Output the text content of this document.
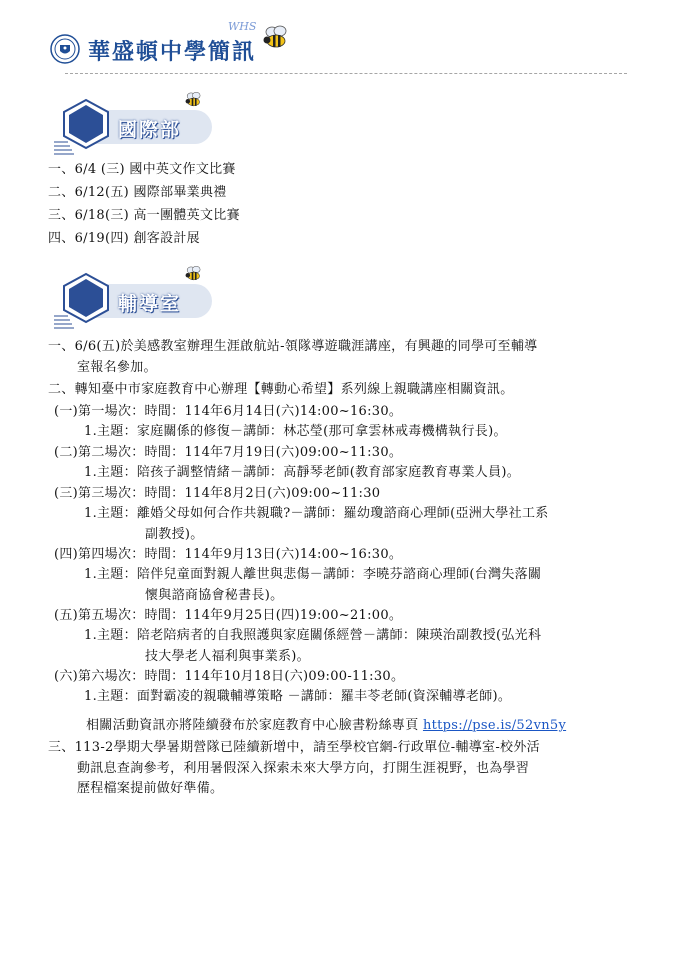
華盛頓中學簡訊
WHS
國際部
一、6/4 (三) 國中英文作文比賽
二、6/12(五) 國際部畢業典禮
三、6/18(三) 高一團體英文比賽
四、6/19(四) 創客設計展
輔導室
一、6/6(五)於美感教室辦理生涯啟航站-領隊導遊職涯講座，有興趣的同學可至輔導
室報名參加。
二、轉知臺中市家庭教育中心辦理【轉動心希望】系列線上親職講座相關資訊。
(一)第一場次：時間：114年6月14日(六)14:00~16:30。
1.主題：家庭關係的修復－講師：林芯瑩(那可拿雲林戒毒機構執行長)。
(二)第二場次：時間：114年7月19日(六)09:00~11:30。
1.主題：陪孩子調整情緒－講師：高靜琴老師(教育部家庭教育專業人員)。
(三)第三場次：時間：114年8月2日(六)09:00~11:30
1.主題：離婚父母如何合作共親職?－講師：羅幼瓊諮商心理師(亞洲大學社工系
副教授)。
(四)第四場次：時間：114年9月13日(六)14:00~16:30。
1.主題：陪伴兒童面對親人離世與悲傷－講師：李曉芬諮商心理師(台灣失落關
懷與諮商協會秘書長)。
(五)第五場次：時間：114年9月25日(四)19:00~21:00。
1.主題：陪老陪病者的自我照護與家庭關係經營－講師：陳瑛治副教授(弘光科
技大學老人福利與事業系)。
(六)第六場次：時間：114年10月18日(六)09:00-11:30。
1.主題：面對霸凌的親職輔導策略 －講師：羅丰苓老師(資深輔導老師)。
相關活動資訊亦將陸續發布於家庭教育中心臉書粉絲專頁 https://pse.is/52vn5y
三、113-2學期大學暑期營隊已陸續新增中，請至學校官網-行政單位-輔導室-校外活
動訊息查詢參考，利用暑假深入探索未來大學方向，打開生涯視野，也為學習
歷程檔案提前做好準備。
